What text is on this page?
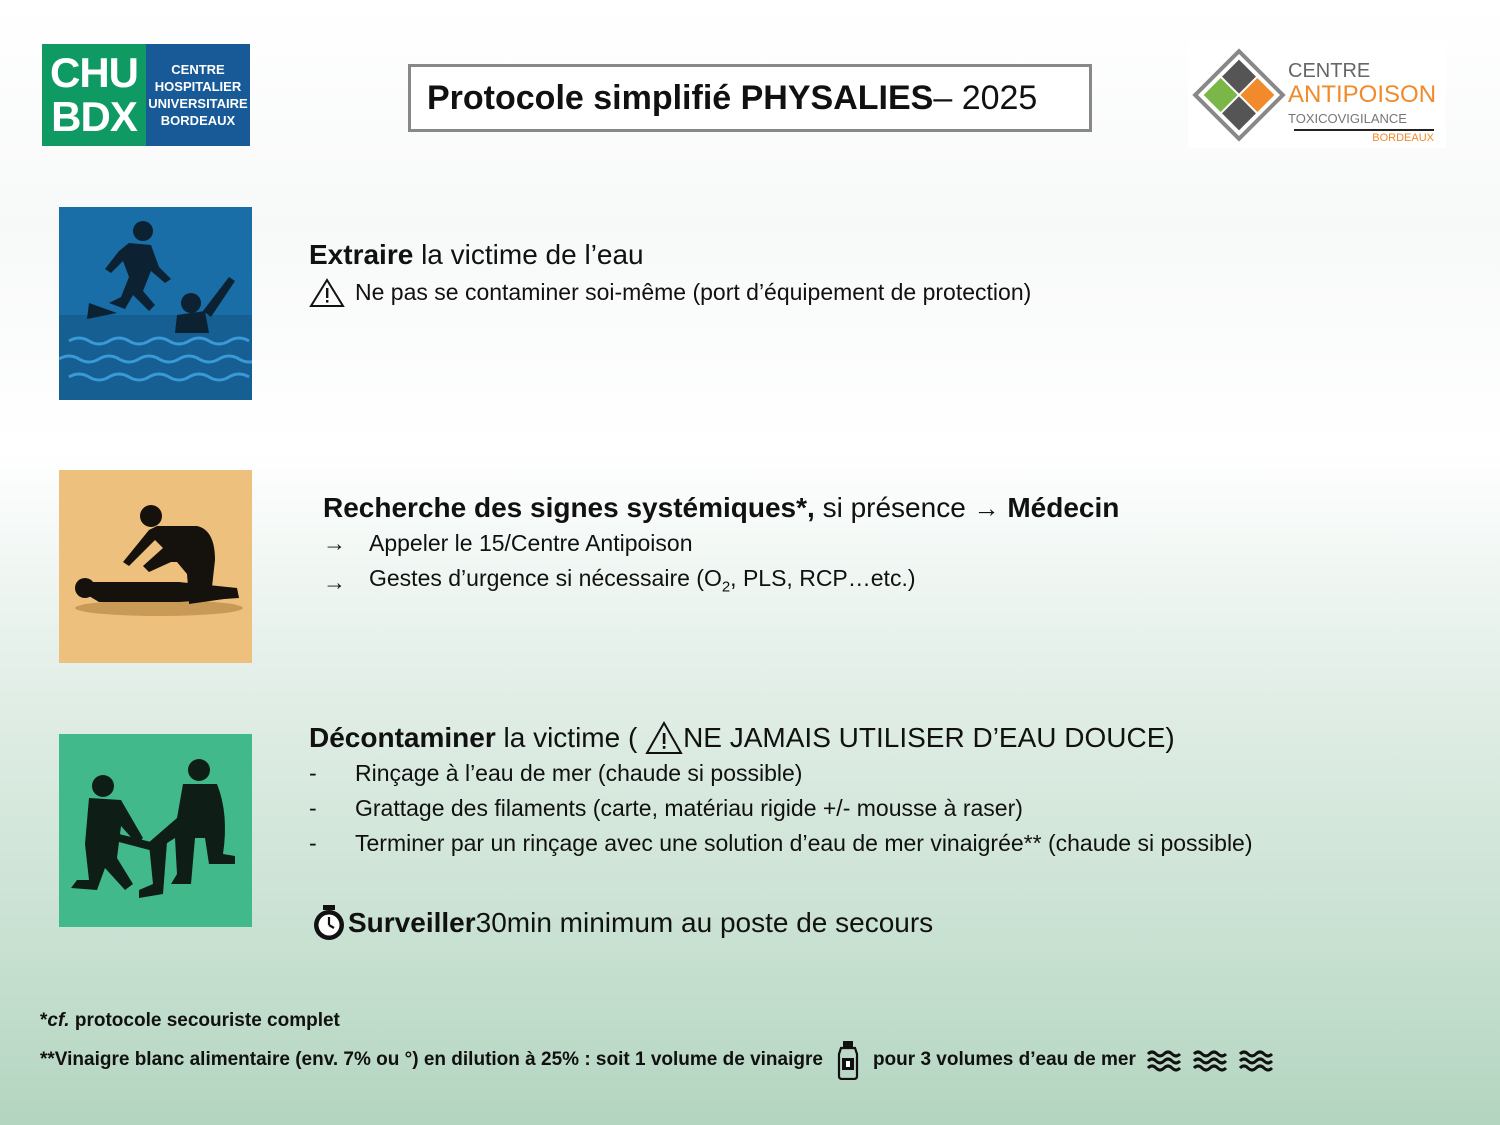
CHU
BDX
CENTRE
HOSPITALIER
UNIVERSITAIRE
BORDEAUX
Protocole simplifié PHYSALIES – 2025
CENTRE
ANTIPOISON
TOXICOVIGILANCE
BORDEAUX
Extraire la victime de l’eau
Ne pas se contaminer soi-même (port d’équipement de protection)
Recherche des signes systémiques*, si présence → Médecin
→	Appeler le 15/Centre Antipoison
→	Gestes d’urgence si nécessaire ($O_2$, PLS, RCP…etc.)
Décontaminer la victime ( NE JAMAIS UTILISER D’EAU DOUCE)
-	Rinçage à l’eau de mer (chaude si possible)
-	Grattage des filaments (carte, matériau rigide +/- mousse à raser)
-	Terminer par un rinçage avec une solution d’eau de mer vinaigrée** (chaude si possible)
Surveiller 30min minimum au poste de secours
*cf. protocole secouriste complet
**Vinaigre blanc alimentaire (env. 7% ou °) en dilution à 25% : soit 1 volume de vinaigre	pour 3 volumes d’eau de mer
